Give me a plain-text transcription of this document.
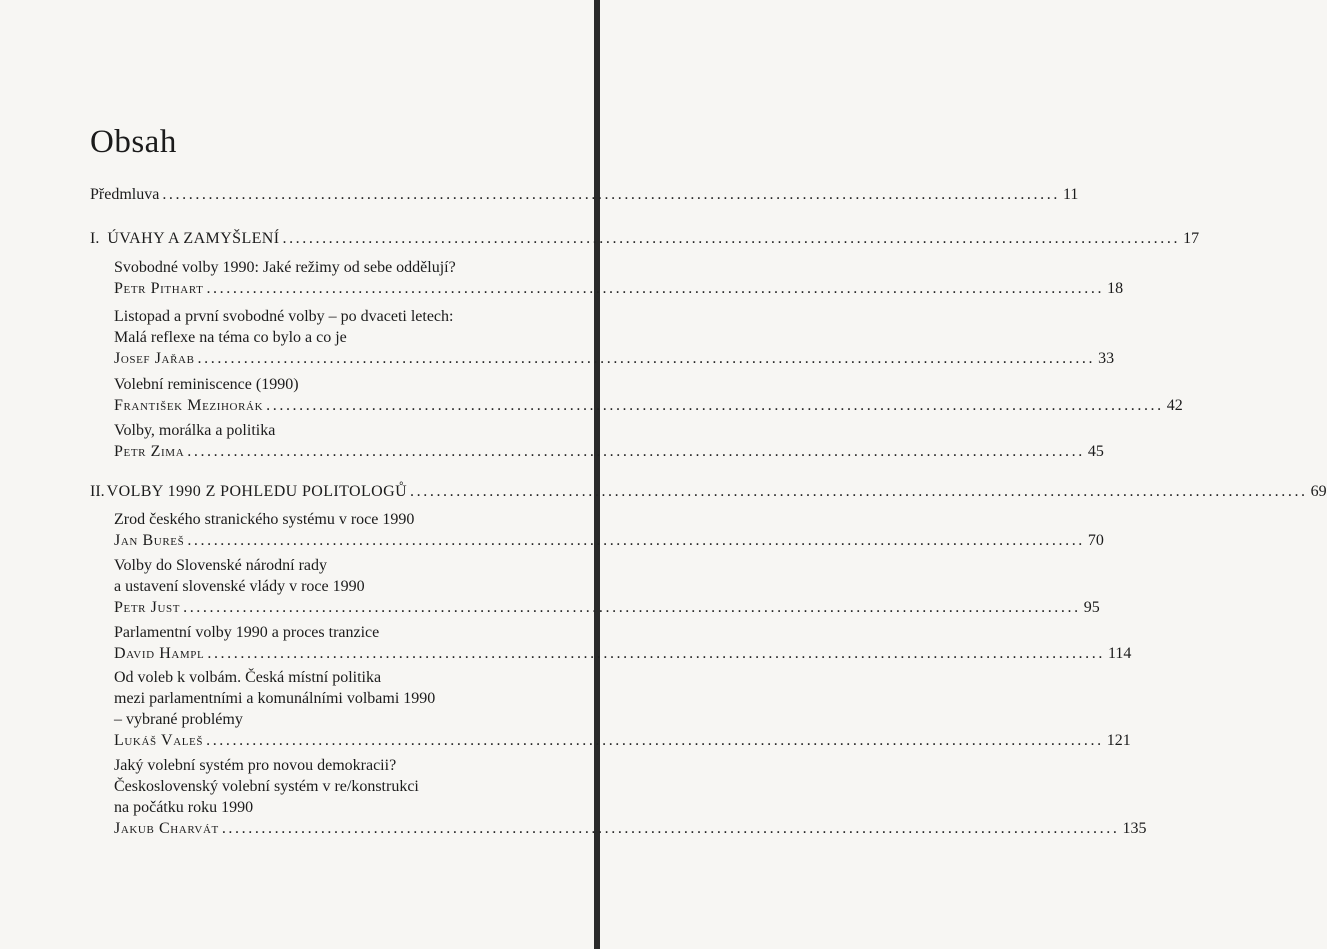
Obsah
Předmluva ........................................................................................................................................ 11
I. ÚVAHY A ZAMYŠLENÍ ........................................................................................................................................ 17
Svobodné volby 1990: Jaké režimy od sebe oddělují?
Petr Pithart ........................................................................................................................................ 18
Listopad a první svobodné volby – po dvaceti letech:
Malá reflexe na téma co bylo a co je
Josef Jařab ........................................................................................................................................ 33
Volební reminiscence (1990)
František Mezihorák ........................................................................................................................................ 42
Volby, morálka a politika
Petr Zima ........................................................................................................................................ 45
II. VOLBY 1990 Z POHLEDU POLITOLOGŮ ........................................................................................................................................ 69
Zrod českého stranického systému v roce 1990
Jan Bureš ........................................................................................................................................ 70
Volby do Slovenské národní rady
a ustavení slovenské vlády v roce 1990
Petr Just ........................................................................................................................................ 95
Parlamentní volby 1990 a proces tranzice
David Hampl ........................................................................................................................................ 114
Od voleb k volbám. Česká místní politika
mezi parlamentními a komunálními volbami 1990
– vybrané problémy
Lukáš Valeš ........................................................................................................................................ 121
Jaký volební systém pro novou demokracii?
Československý volební systém v re/konstrukci
na počátku roku 1990
Jakub Charvát ........................................................................................................................................ 135
